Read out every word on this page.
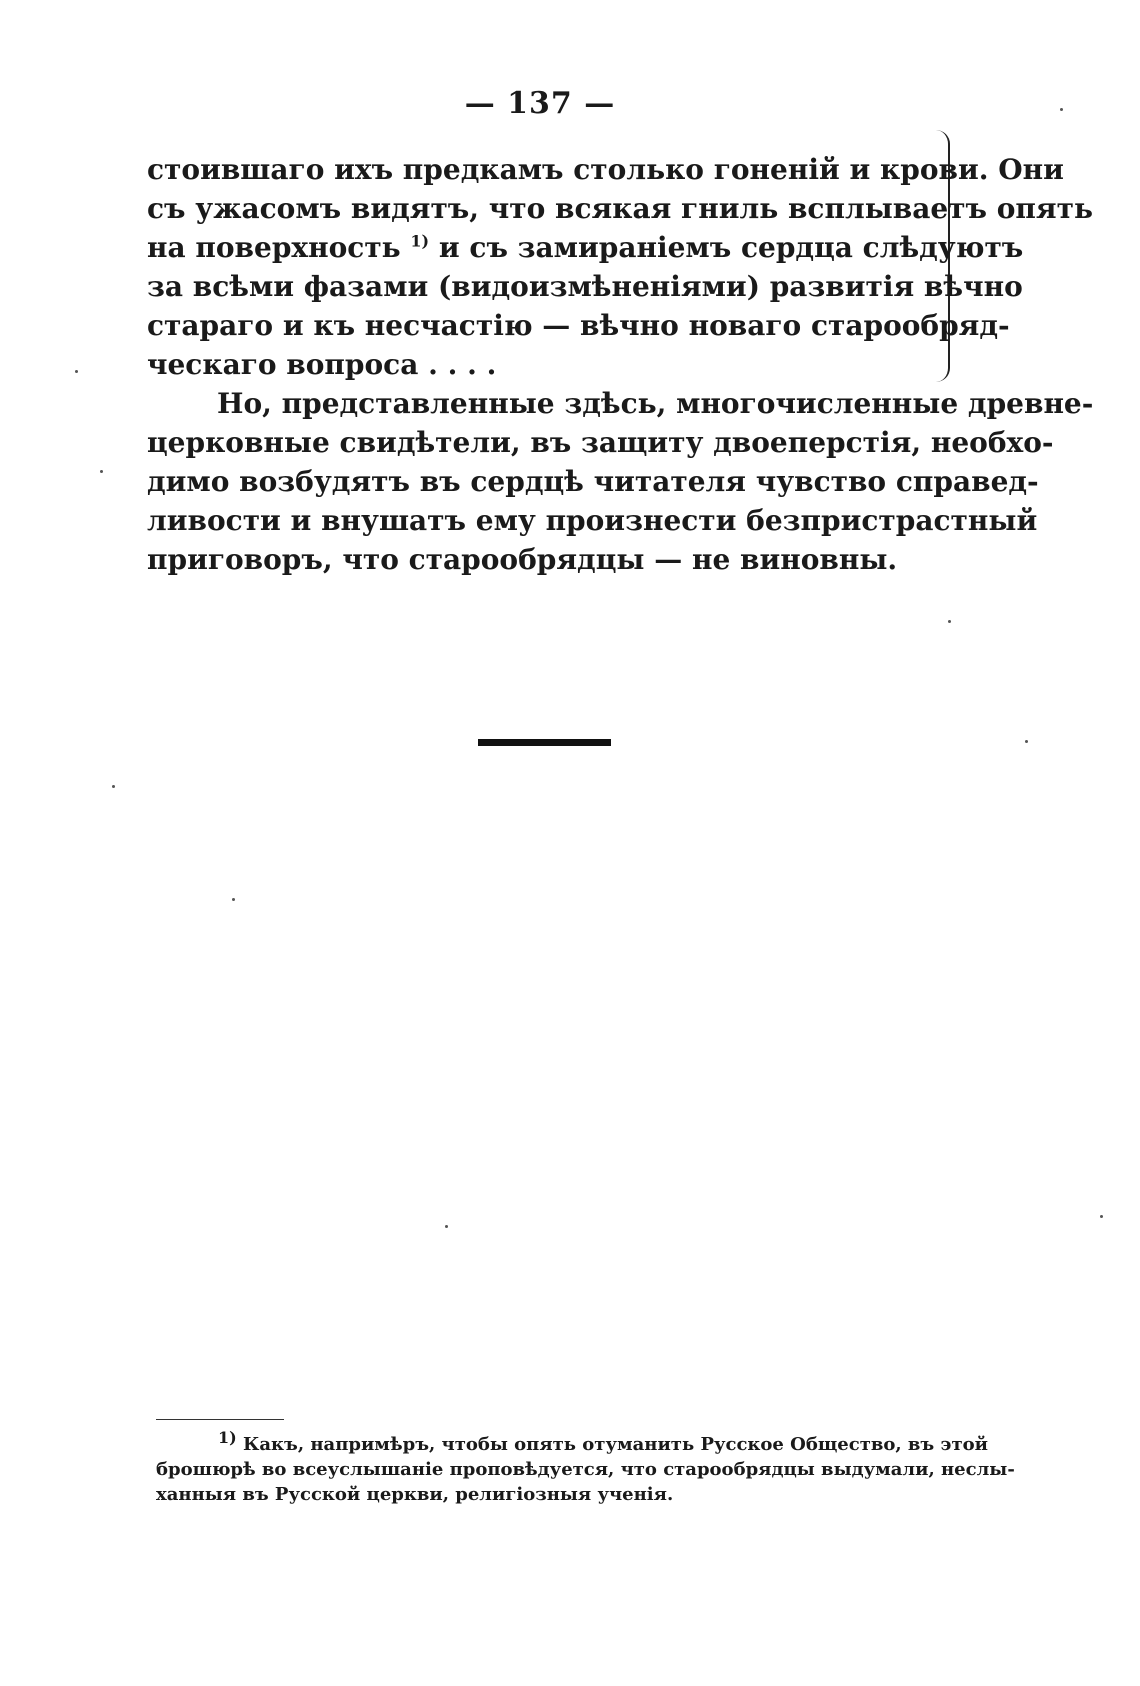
— 137 —
стоившаго ихъ предкамъ столько гоненій и крови. Они
съ ужасомъ видятъ, что всякая гниль всплываетъ опять
на поверхность $^{1)}$ и съ замираніемъ сердца слѣдуютъ
за всѣми фазами (видоизмѣненіями) развитія вѣчно
стараго и къ несчастію — вѣчно новаго старообряд-
ческаго вопроса . . . .
Но, представленные здѣсь, многочисленные древне-
церковные свидѣтели, въ защиту двоеперстія, необхо-
димо возбудятъ въ сердцѣ читателя чувство справед-
ливости и внушатъ ему произнести безпристрастный
приговоръ, что старообрядцы — не виновны.
1) Какъ, напримѣръ, чтобы опять отуманить Русское Общество, въ этой
брошюрѣ во всеуслышаніе проповѣдуется, что старообрядцы выдумали, неслы-
ханныя въ Русской церкви, религіозныя ученія.
